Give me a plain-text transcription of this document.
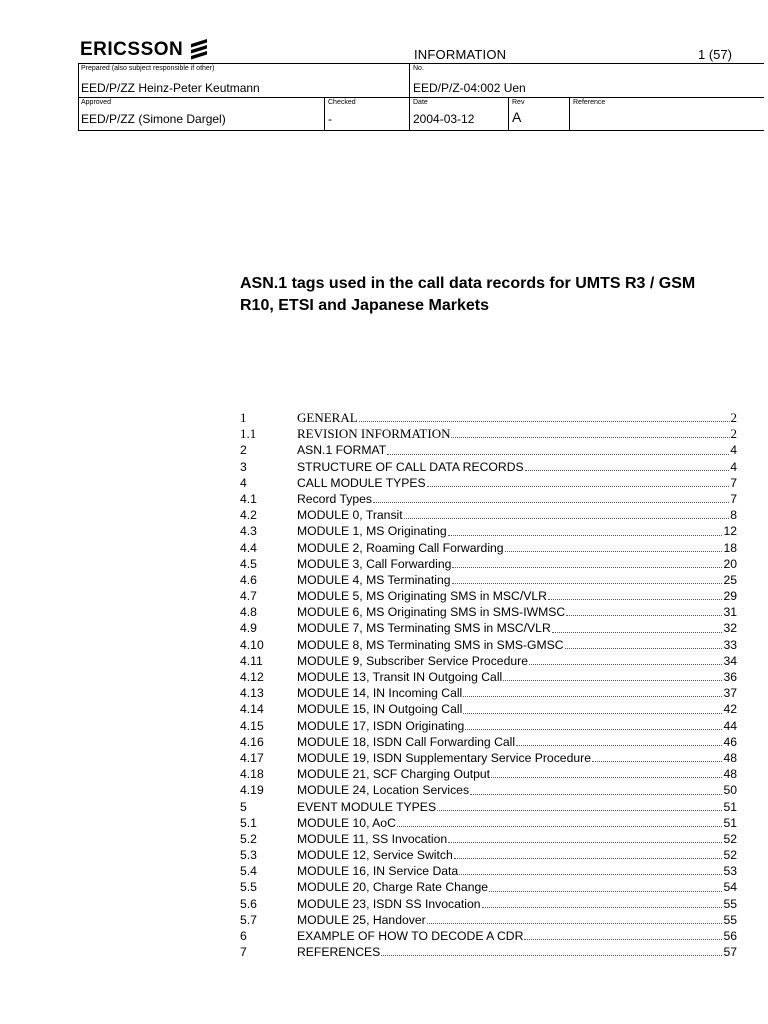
ERICSSON	INFORMATION	1 (57)
Prepared (also subject responsible if other)	No.
EED/P/ZZ Heinz-Peter Keutmann	EED/P/Z-04:002 Uen
Approved	Checked	Date	Rev	Reference
EED/P/ZZ (Simone Dargel)	-	2004-03-12	A
ASN.1 tags used in the call data records for UMTS R3 / GSM R10, ETSI and Japanese Markets
1	GENERAL	2
1.1	REVISION INFORMATION	2
2	ASN.1 FORMAT	4
3	STRUCTURE OF CALL DATA RECORDS	4
4	CALL MODULE TYPES	7
4.1	Record Types	7
4.2	MODULE 0, Transit	8
4.3	MODULE 1, MS Originating	12
4.4	MODULE 2, Roaming Call Forwarding	18
4.5	MODULE 3, Call Forwarding	20
4.6	MODULE 4, MS Terminating	25
4.7	MODULE 5, MS Originating SMS in MSC/VLR	29
4.8	MODULE 6, MS Originating SMS in SMS-IWMSC	31
4.9	MODULE 7, MS Terminating SMS in MSC/VLR	32
4.10	MODULE 8, MS Terminating SMS in SMS-GMSC	33
4.11	MODULE 9, Subscriber Service Procedure	34
4.12	MODULE 13, Transit IN Outgoing Call	36
4.13	MODULE 14, IN Incoming Call	37
4.14	MODULE 15, IN Outgoing Call	42
4.15	MODULE 17, ISDN Originating	44
4.16	MODULE 18, ISDN Call Forwarding Call	46
4.17	MODULE 19, ISDN Supplementary Service Procedure	48
4.18	MODULE 21, SCF Charging Output	48
4.19	MODULE 24, Location Services	50
5	EVENT MODULE TYPES	51
5.1	MODULE 10, AoC	51
5.2	MODULE 11, SS Invocation	52
5.3	MODULE 12, Service Switch	52
5.4	MODULE 16, IN Service Data	53
5.5	MODULE 20, Charge Rate Change	54
5.6	MODULE 23, ISDN SS Invocation	55
5.7	MODULE 25, Handover	55
6	EXAMPLE OF HOW TO DECODE A CDR	56
7	REFERENCES	57
